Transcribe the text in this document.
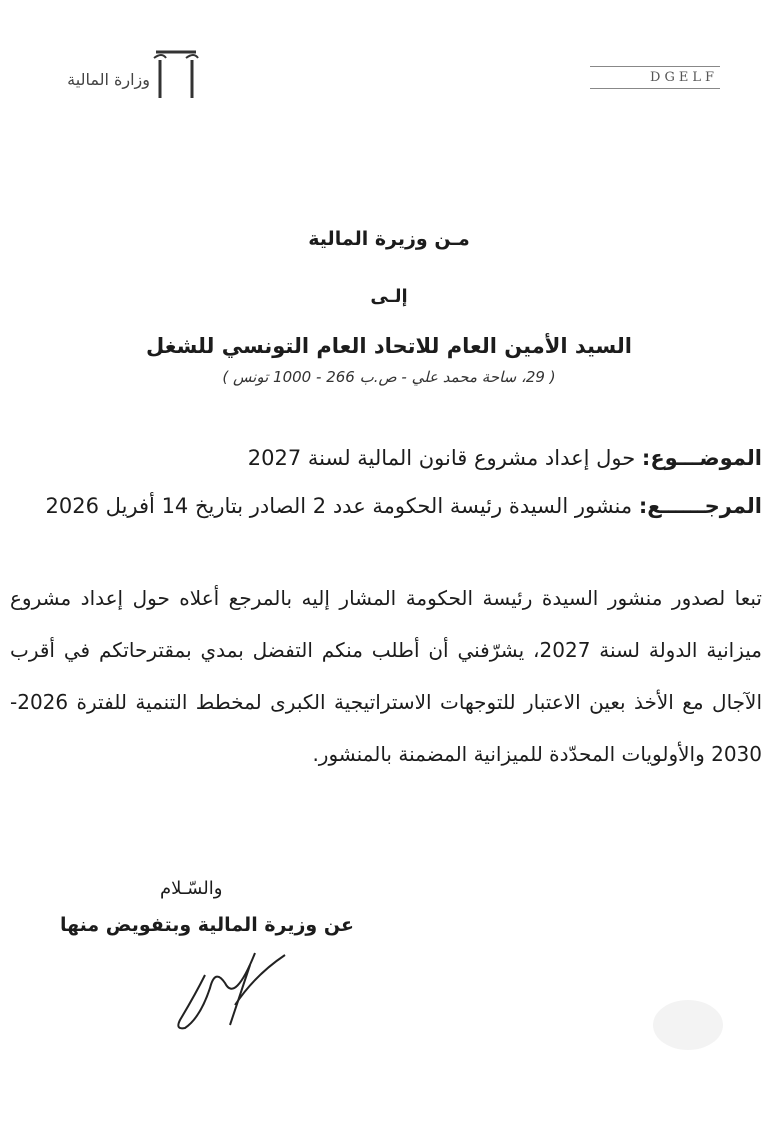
وزارة المالية	DGELF
مـن وزيرة المالية
إلـى
السيد الأمين العام للاتحاد العام التونسي للشغل
( 29، ساحة محمد علي - ص.ب 266 - 1000 تونس )
الموضـــوع: حول إعداد مشروع قانون المالية لسنة 2027
المرجــــــع: منشور السيدة رئيسة الحكومة عدد 2 الصادر بتاريخ 14 أفريل 2026
تبعا لصدور منشور السيدة رئيسة الحكومة المشار إليه بالمرجع أعلاه حول إعداد مشروع ميزانية الدولة لسنة 2027، يشرّفني أن أطلب منكم التفضل بمدي بمقترحاتكم في أقرب الآجال مع الأخذ بعين الاعتبار للتوجهات الاستراتيجية الكبرى لمخطط التنمية للفترة 2026-2030 والأولويات المحدّدة للميزانية المضمنة بالمنشور.
والسّـلام
عن وزيرة المالية وبتفويض منها
